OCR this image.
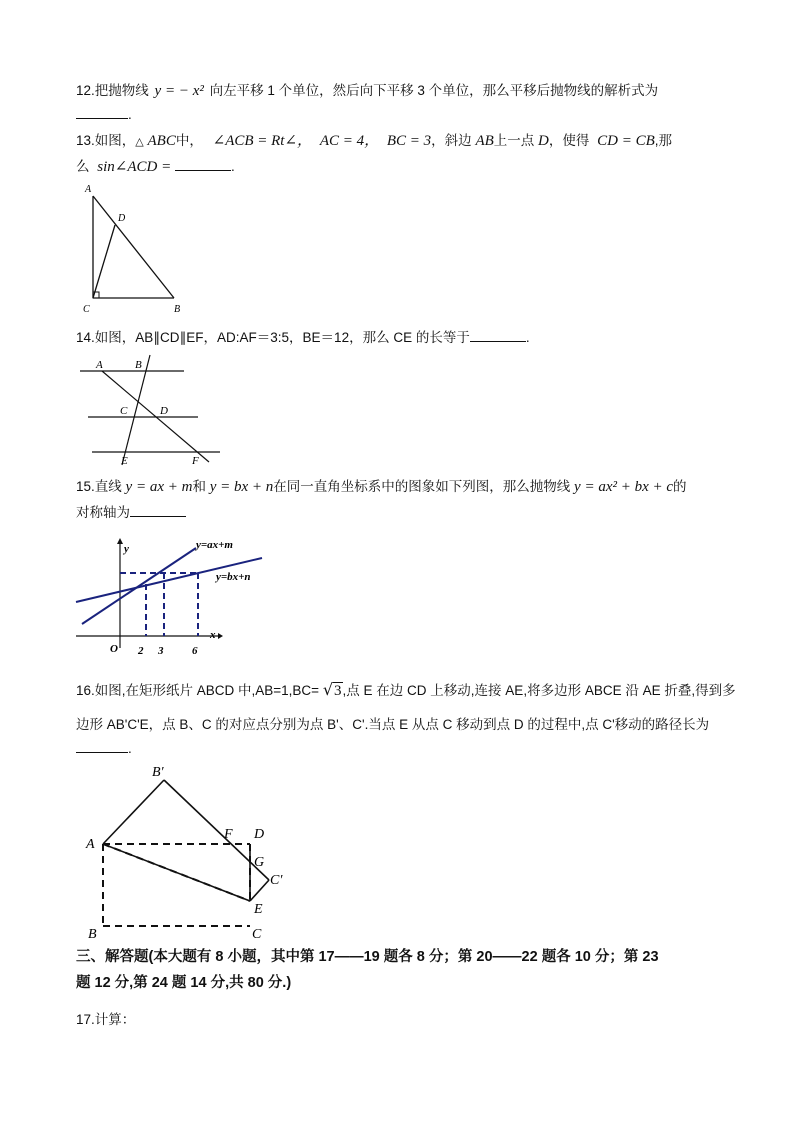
12.把抛物线 y = − x² 向左平移 1 个单位，然后向下平移 3 个单位，那么平移后抛物线的解析式为
.
13.如图，△ ABC中， ∠ACB = Rt∠， AC = 4， BC = 3，斜边 AB上一点 D，使得 CD = CB,那
么 sin∠ACD =	.
A
D
C	B
14.如图，AB∥CD∥EF，AD:AF＝3:5，BE＝12，那么 CE 的长等于	.
A	B
C	D
E	F
15.直线 y = ax + m和 y = bx + n在同一直角坐标系中的图象如下列图，那么抛物线 y = ax² + bx + c的
对称轴为
y
x
O
y=ax+m
y=bx+n
2 3	6
16.如图,在矩形纸片 ABCD 中,AB=1,BC= √3,点 E 在边 CD 上移动,连接 AE,将多边形 ABCE 沿 AE 折叠,得到多
边形 AB'C'E，点 B、C 的对应点分别为点 B'、C'.当点 E 从点 C 移动到点 D 的过程中,点 C'移动的路径长为
.
B′
A
F D
G
C′
E
B	C
三、解答题(本大题有 8 小题，其中第 17——19 题各 8 分；第 20——22 题各 10 分；第 23
题 12 分,第 24 题 14 分,共 80 分.)
17.计算：
